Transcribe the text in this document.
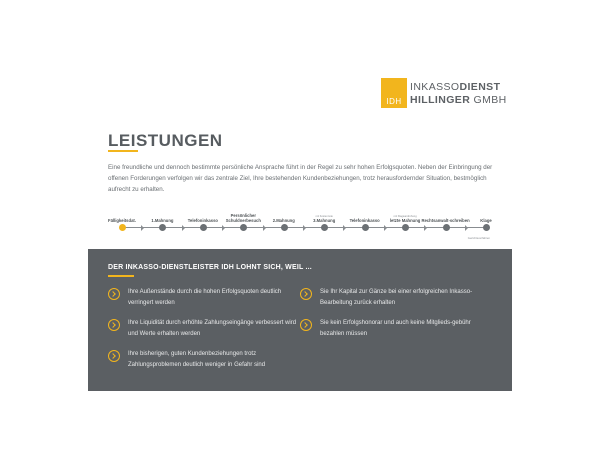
IDH
INKASSODIENST
HILLINGER GMBH
LEISTUNGEN

Eine freundliche und dennoch bestimmte persönliche Ansprache führt in der Regel zu sehr hohen Erfolgsquoten. Neben der Einbringung der offenen Forderungen verfolgen wir das zentrale Ziel, Ihre bestehenden Kundenbeziehungen, trotz herausfordernder Situation, bestmöglich aufrecht zu erhalten.

Fälligkeitsdat.	1.Mahnung	Telefoninkasso
Persönlicher Schuldnerbesuch	2.Mahnung	3.Mahnung
mit Kostennote
Telefoninkasso	letzte Mahnung
mit Klagsandrohung
Rechtsanwalt-schreiben	Klage
Gerichtsverfahren
DER INKASSO-DIENSTLEISTER IDH LOHNT SICH, WEIL ...
Ihre Außenstände durch die hohen Erfolgsquoten deutlich verringert werden
Sie Ihr Kapital zur Gänze bei einer erfolgreichen Inkasso-Bearbeitung zurück erhalten
Ihre Liquidität durch erhöhte Zahlungseingänge verbessert wird und Werte erhalten werden
Sie kein Erfolgshonorar und auch keine Mitglieds-gebühr bezahlen müssen
Ihre bisherigen, guten Kundenbeziehungen trotz Zahlungsproblemen deutlich weniger in Gefahr sind
